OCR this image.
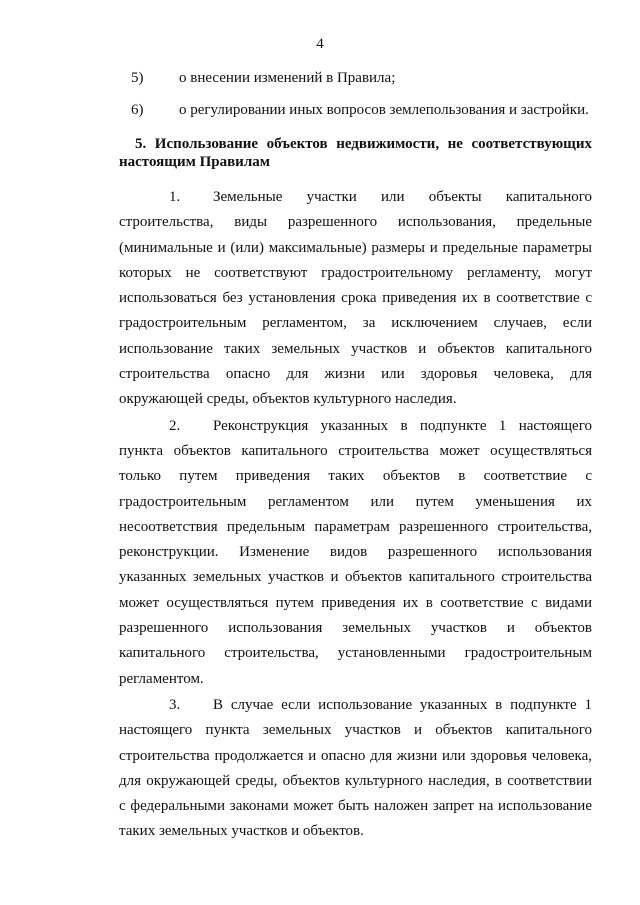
4
5)	о внесении изменений в Правила;
6)	о регулировании иных вопросов землепользования и застройки.
5. Использование объектов недвижимости, не соответствующих настоящим Правилам

1. Земельные участки или объекты капитального строительства, виды разрешенного использования, предельные (минимальные и (или) максимальные) размеры и предельные параметры которых не соответствуют градостроительному регламенту, могут использоваться без установления срока приведения их в соответствие с градостроительным регламентом, за исключением случаев, если использование таких земельных участков и объектов капитального строительства опасно для жизни или здоровья человека, для окружающей среды, объектов культурного наследия.

2. Реконструкция указанных в подпункте 1 настоящего пункта объектов капитального строительства может осуществляться только путем приведения таких объектов в соответствие с градостроительным регламентом или путем уменьшения их несоответствия предельным параметрам разрешенного строительства, реконструкции. Изменение видов разрешенного использования указанных земельных участков и объектов капитального строительства может осуществляться путем приведения их в соответствие с видами разрешенного использования земельных участков и объектов капитального строительства, установленными градостроительным регламентом.

3. В случае если использование указанных в подпункте 1 настоящего пункта земельных участков и объектов капитального строительства продолжается и опасно для жизни или здоровья человека, для окружающей среды, объектов культурного наследия, в соответствии с федеральными законами может быть наложен запрет на использование таких земельных участков и объектов.
